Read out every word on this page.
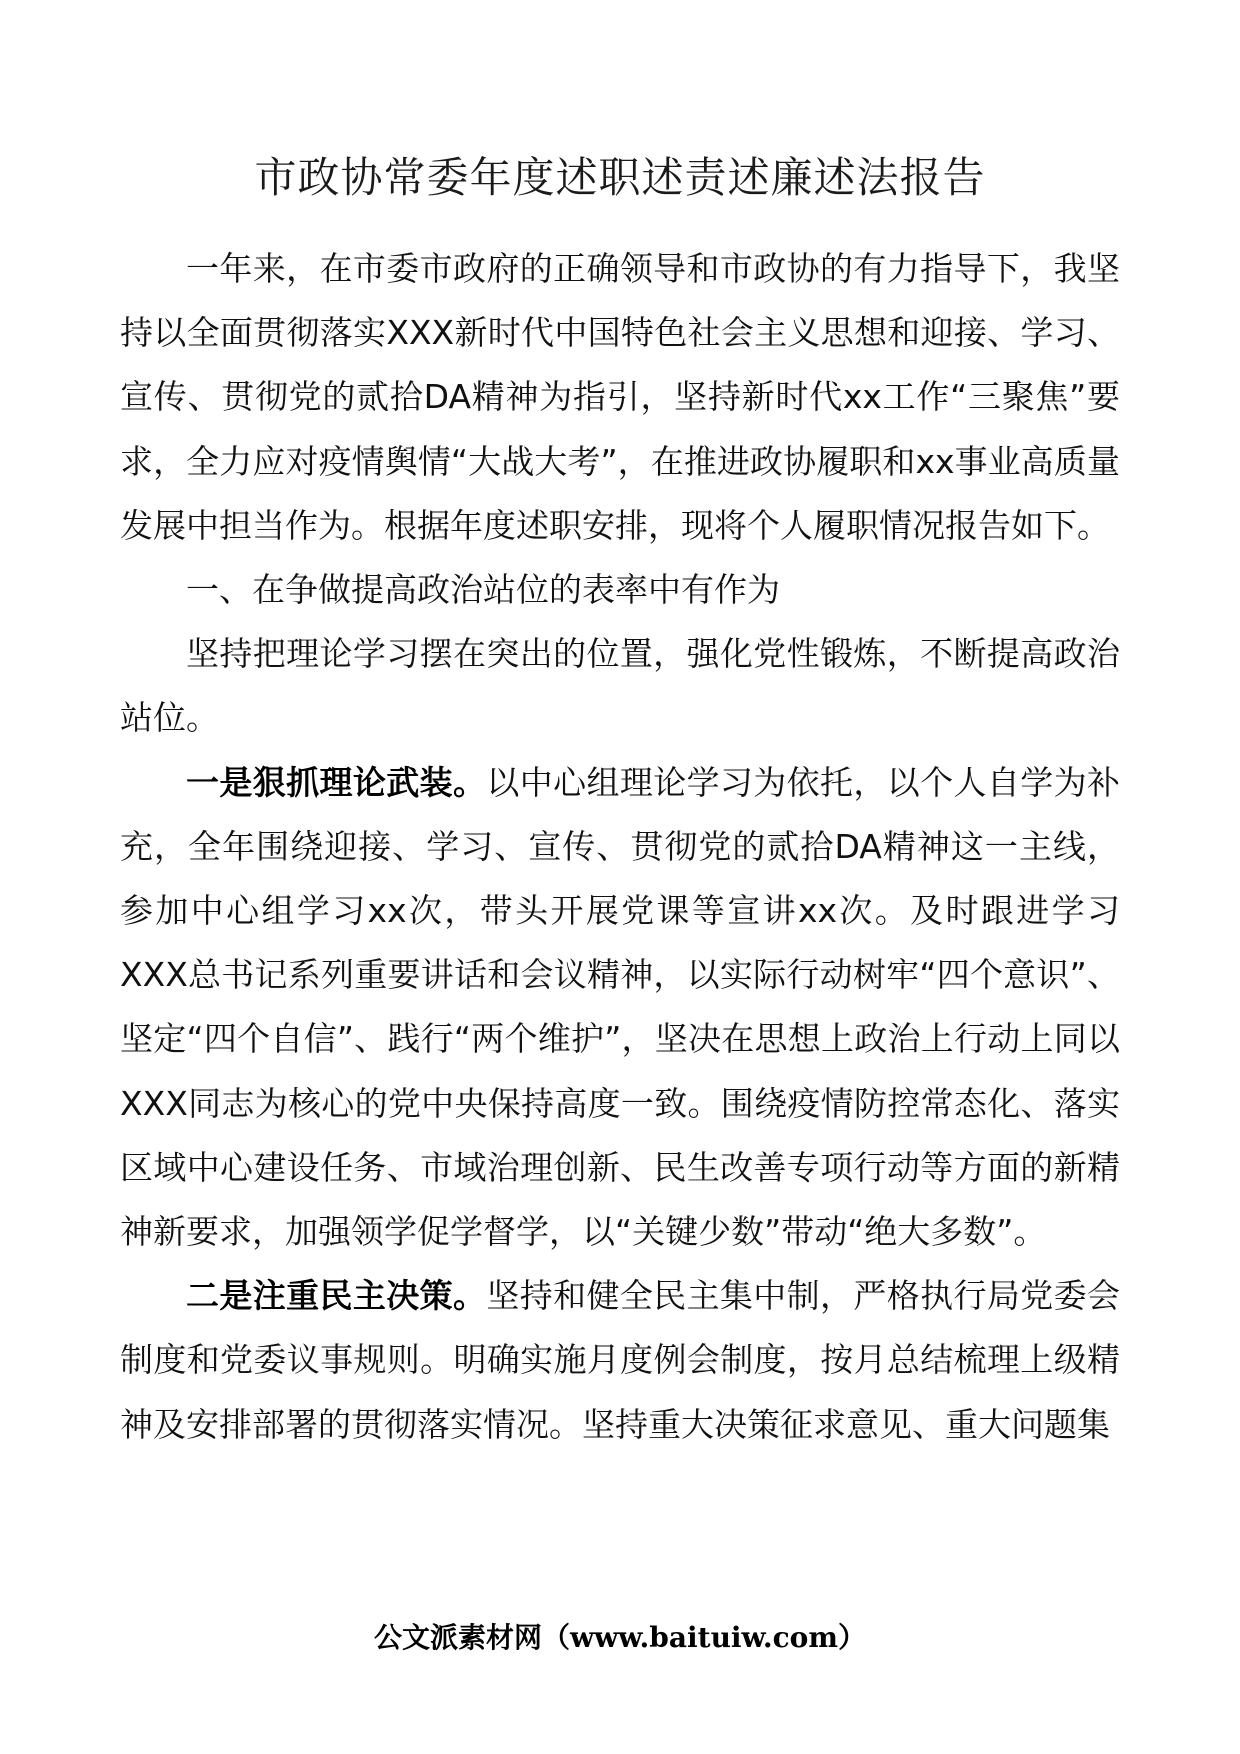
市政协常委年度述职述责述廉述法报告

一年来，在市委市政府的正确领导和市政协的有力指导下，我坚持以全面贯彻落实XXX新时代中国特色社会主义思想和迎接、学习、宣传、贯彻党的贰拾DA精神为指引，坚持新时代xx工作“三聚焦”要求，全力应对疫情舆情“大战大考”，在推进政协履职和xx事业高质量发展中担当作为。根据年度述职安排，现将个人履职情况报告如下。

一、在争做提高政治站位的表率中有作为

坚持把理论学习摆在突出的位置，强化党性锻炼，不断提高政治站位。

一是狠抓理论武装。以中心组理论学习为依托，以个人自学为补充，全年围绕迎接、学习、宣传、贯彻党的贰拾DA精神这一主线，参加中心组学习xx次，带头开展党课等宣讲xx次。及时跟进学习XXX总书记系列重要讲话和会议精神，以实际行动树牢“四个意识”、坚定“四个自信”、践行“两个维护”，坚决在思想上政治上行动上同以XXX同志为核心的党中央保持高度一致。围绕疫情防控常态化、落实区域中心建设任务、市域治理创新、民生改善专项行动等方面的新精神新要求，加强领学促学督学，以“关键少数”带动“绝大多数”。

二是注重民主决策。坚持和健全民主集中制，严格执行局党委会制度和党委议事规则。明确实施月度例会制度，按月总结梳理上级精神及安排部署的贯彻落实情况。坚持重大决策征求意见、重大问题集

公文派素材网（www.baituiw.com）
